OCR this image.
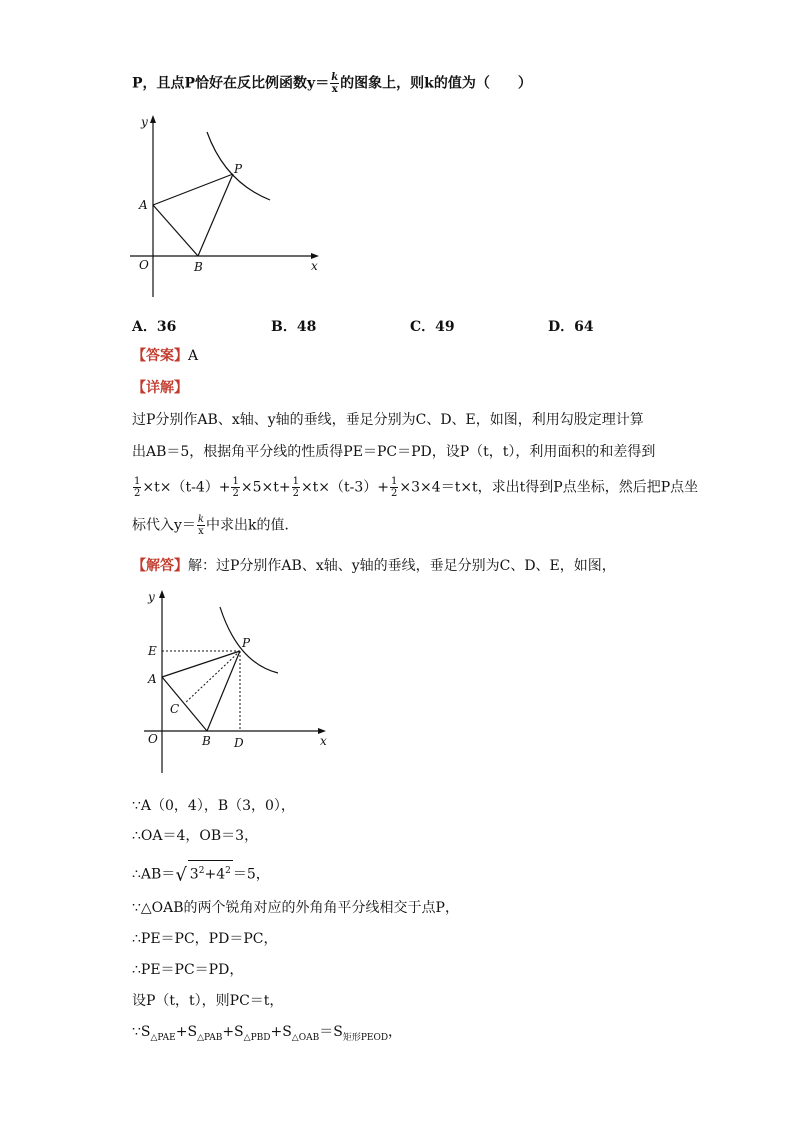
P，且点P恰好在反比例函数$y= \frac{k}{x}$ 的图象上，则k的值为（　　）
y
x
O
A
B
P
A．36	B．48	C．49	D．64
【答案】A
【详解】
过P分别作AB、x轴、y轴的垂线，垂足分别为C、D、E，如图，利用勾股定理计算
出AB＝5，根据角平分线的性质得PE＝PC＝PD，设P（t，t），利用面积的和差得到
$\frac{1}{2} \times t\times(t-4)+ \frac{1}{2} \times 5\times t+ \frac{1}{2} \times t\times(t-3)+ \frac{1}{2} \times 3\times 4=t\times t$，求出t得到P点坐标，然后把P点坐
标代入$y= \frac{k}{x}$ 中求出k的值．
【解答】解：过P分别作AB、x轴、y轴的垂线，垂足分别为C、D、E，如图，
y
x
O
E
A
C
B D
P
∵A（0，4），B（3，0），
∴OA＝4，OB＝3，
∴AB＝√ $3^2+4^2 =5$，
∵△OAB的两个锐角对应的外角角平分线相交于点P，
∴PE＝PC，PD＝PC，
∴PE＝PC＝PD，
设P（t，t），则PC＝t，
$\because S_{\triangle PAE}+S_{\triangle PAB}+S_{\triangle PBD}+S_{\triangle OAB}=S_{矩形PEOD}$，
